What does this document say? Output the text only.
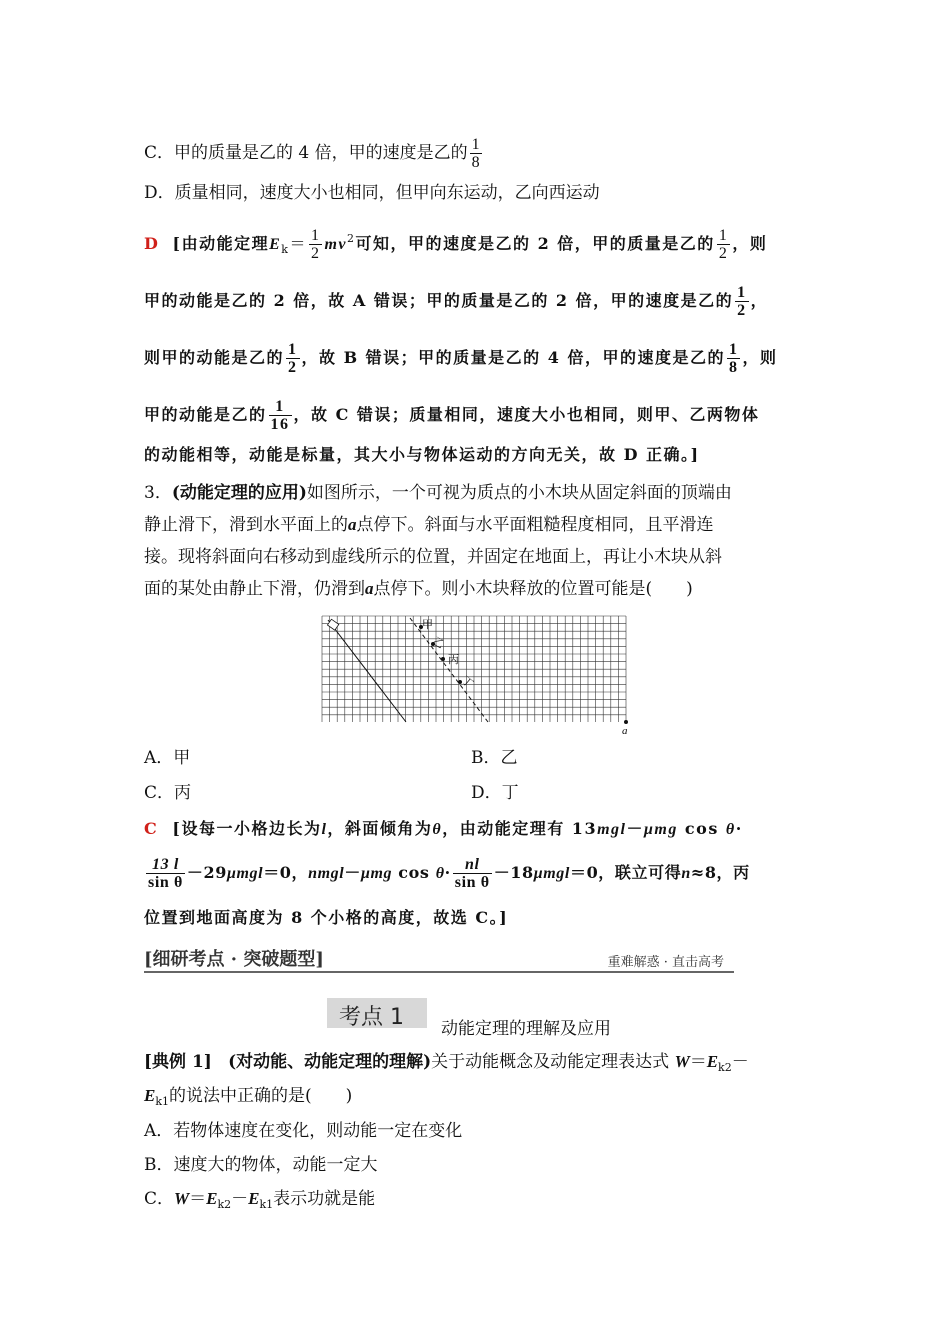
C．甲的质量是乙的 4 倍，甲的速度是乙的 $\frac{1}{8}$
D．质量相同，速度大小也相同，但甲向东运动，乙向西运动
D [由动能定理$E_k= \frac{1}{2} mv^2$可知，甲的速度是乙的 2 倍，甲的质量是乙的 $\frac{1}{2}$ ，则
甲的动能是乙的 2 倍，故 A 错误；甲的质量是乙的 2 倍，甲的速度是乙的 $\frac{1}{2}$ ，
则甲的动能是乙的 $\frac{1}{2}$ ，故 B 错误；甲的质量是乙的 4 倍，甲的速度是乙的 $\frac{1}{8}$ ，则
甲的动能是乙的 $\frac{1}{16}$ ，故 C 错误；质量相同，速度大小也相同，则甲、乙两物体
的动能相等，动能是标量，其大小与物体运动的方向无关，故 D 正确。]
3．(动能定理的应用)如图所示，一个可视为质点的小木块从固定斜面的顶端由
静止滑下，滑到水平面上的a点停下。斜面与水平面粗糙程度相同，且平滑连
接。现将斜面向右移动到虚线所示的位置，并固定在地面上，再让小木块从斜
面的某处由静止下滑，仍滑到a点停下。则小木块释放的位置可能是(　　)
甲
乙
丙
丁
a
A．甲	B．乙
C．丙	D．丁
C [设每一小格边长为l，斜面倾角为θ，由动能定理有 13mgl－μmg cos θ·
$\frac{13 l}{\text{sin θ}} -29\mu mgl=0$，nmgl－μmg $\cos \theta\cdot \frac{nl}{\text{sin θ}} -18\mu mgl=0$，联立可得n≈8，丙
位置到地面高度为 8 个小格的高度，故选 C。]
[细研考点 · 突破题型]	重难解惑 · 直击高考
考点 1 动能定理的理解及应用
[典例 1] (对动能、动能定理的理解)关于动能概念及动能定理表达式 $W=E_{k2}-$
$E_{k1}$的说法中正确的是(　　)
A．若物体速度在变化，则动能一定在变化
B．速度大的物体，动能一定大
C．$W=E_{k2}-E_{k1}$表示功就是能
